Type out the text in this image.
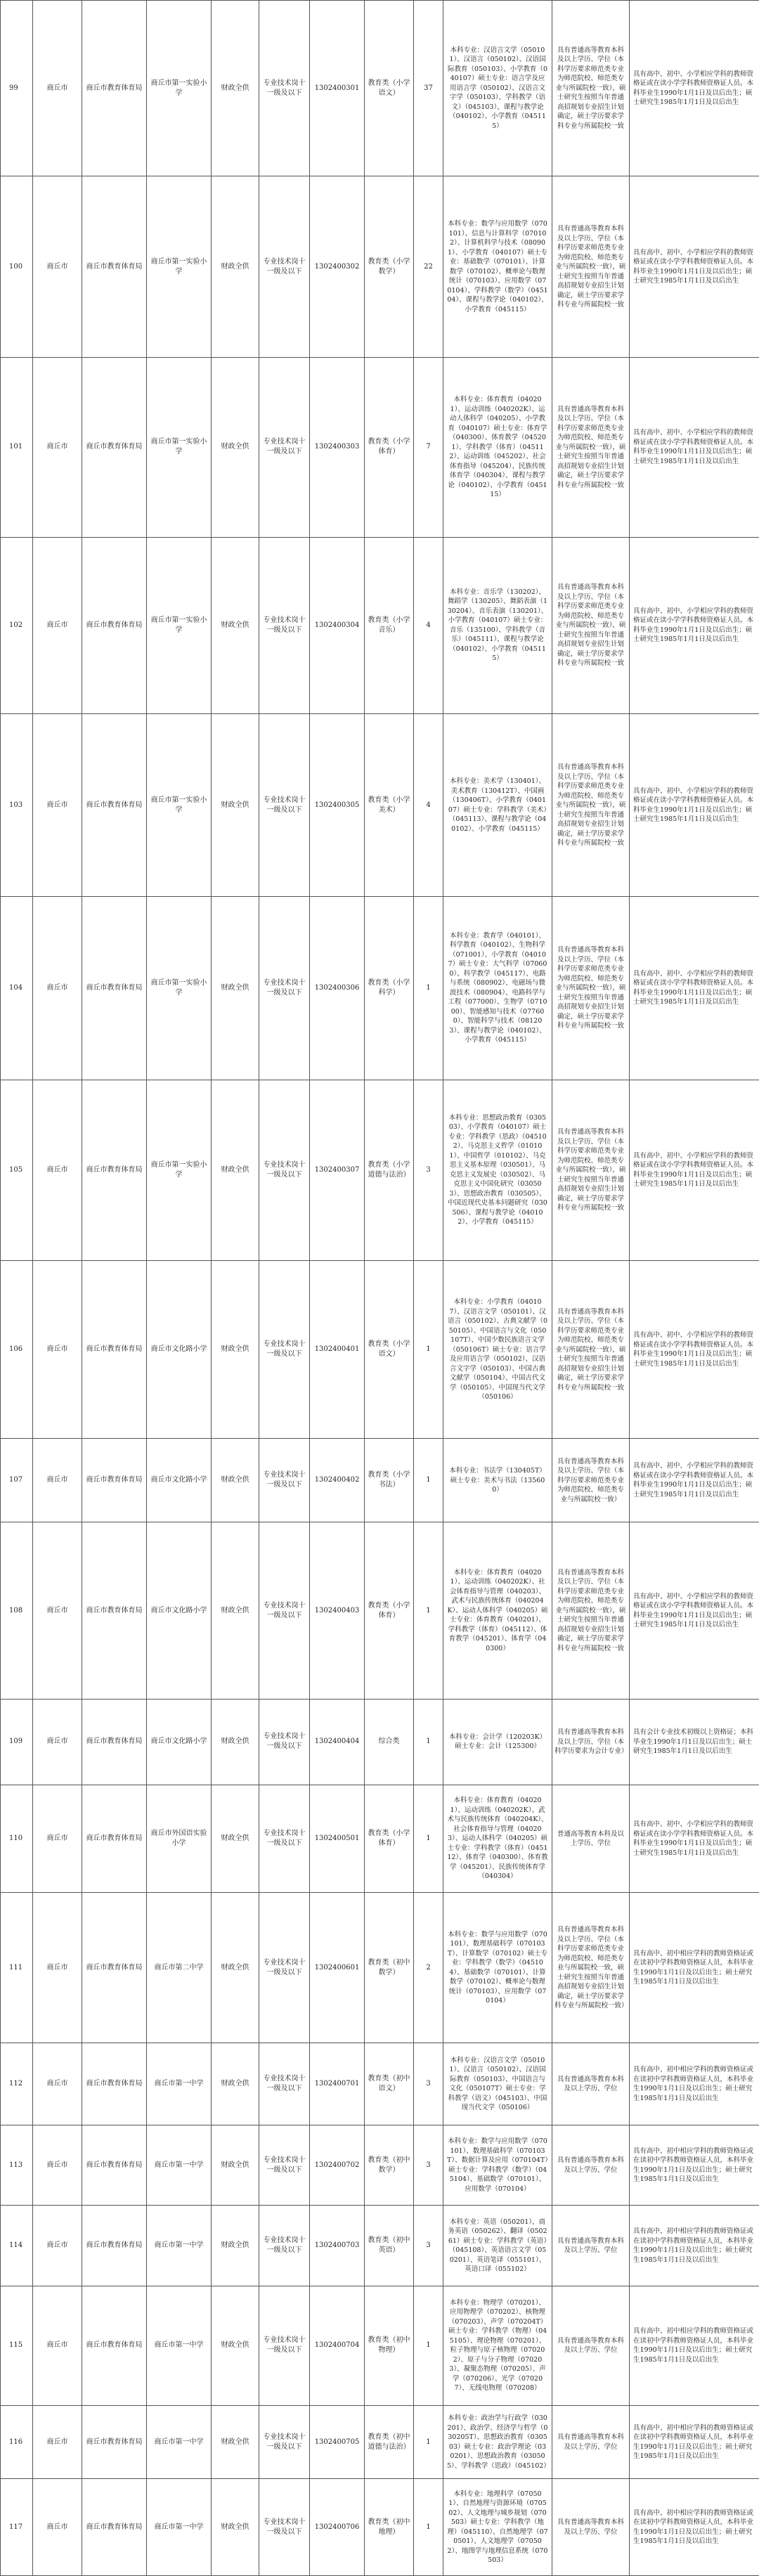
99	商丘市	商丘市教育体育局	商丘市第一实验小学	财政全供	专业技术岗十一级及以下	1302400301	教育类（小学语文）	37	本科专业：汉语言文学（050101）、汉语言（050102）、汉语国际教育（050103）、小学教育（040107）硕士专业：语言学及应用语言学（050102）、汉语言文字学（050103）、学科教学（语文）（045103）、课程与教学论（040102）、小学教育（045115）	具有普通高等教育本科及以上学历、学位（本科学历要求师范类专业为师范院校、师范类专业与所属院校一致），硕士研究生按照当年普通高招规划专业招生计划确定，硕士学历要求学科专业与所属院校一致	具有高中、初中、小学相应学科的教师资格证或在读小学学科教师资格证人员。本科毕业生1990年1月1日及以后出生；硕士研究生1985年1月1日及以后出生
100	商丘市	商丘市教育体育局	商丘市第一实验小学	财政全供	专业技术岗十一级及以下	1302400302	教育类（小学数学）	22	本科专业：数学与应用数学（070101）、信息与计算科学（070102）、计算机科学与技术（080901）、小学教育（040107）硕士专业：基础数学（070101）、计算数学（070102）、概率论与数理统计（070103）、应用数学（070104）、学科教学（数学）（045104）、课程与教学论（040102）、小学教育（045115）	具有普通高等教育本科及以上学历、学位（本科学历要求师范类专业为师范院校、师范类专业与所属院校一致），硕士研究生按照当年普通高招规划专业招生计划确定，硕士学历要求学科专业与所属院校一致	具有高中、初中、小学相应学科的教师资格证或在读小学学科教师资格证人员。本科毕业生1990年1月1日及以后出生；硕士研究生1985年1月1日及以后出生
101	商丘市	商丘市教育体育局	商丘市第一实验小学	财政全供	专业技术岗十一级及以下	1302400303	教育类（小学体育）	7	本科专业：体育教育（040201）、运动训练（040202K）、运动人体科学（040205）、小学教育（040107）硕士专业：体育学（040300）、体育教学（045201）、学科教学（体育）（045112）、运动训练（045202）、社会体育指导（045204）、民族传统体育学（040304）、课程与教学论（040102）、小学教育（045115）	具有普通高等教育本科及以上学历、学位（本科学历要求师范类专业为师范院校、师范类专业与所属院校一致），硕士研究生按照当年普通高招规划专业招生计划确定，硕士学历要求学科专业与所属院校一致	具有高中、初中、小学相应学科的教师资格证或在读小学学科教师资格证人员。本科毕业生1990年1月1日及以后出生；硕士研究生1985年1月1日及以后出生
102	商丘市	商丘市教育体育局	商丘市第一实验小学	财政全供	专业技术岗十一级及以下	1302400304	教育类（小学音乐）	4	本科专业：音乐学（130202）、舞蹈学（130205）、舞蹈表演（130204）、音乐表演（130201）、小学教育（040107）硕士专业：音乐（135100）、学科教学（音乐）（045111）、课程与教学论（040102）、小学教育（045115）	具有普通高等教育本科及以上学历、学位（本科学历要求师范类专业为师范院校、师范类专业与所属院校一致），硕士研究生按照当年普通高招规划专业招生计划确定，硕士学历要求学科专业与所属院校一致	具有高中、初中、小学相应学科的教师资格证或在读小学学科教师资格证人员。本科毕业生1990年1月1日及以后出生；硕士研究生1985年1月1日及以后出生
103	商丘市	商丘市教育体育局	商丘市第一实验小学	财政全供	专业技术岗十一级及以下	1302400305	教育类（小学美术）	4	本科专业：美术学（130401）、美术教育（130412T）、中国画（130406T）、小学教育（040107）硕士专业：学科教学（美术）（045113）、课程与教学论（040102）、小学教育（045115）	具有普通高等教育本科及以上学历、学位（本科学历要求师范类专业为师范院校、师范类专业与所属院校一致），硕士研究生按照当年普通高招规划专业招生计划确定，硕士学历要求学科专业与所属院校一致	具有高中、初中、小学相应学科的教师资格证或在读小学学科教师资格证人员。本科毕业生1990年1月1日及以后出生；硕士研究生1985年1月1日及以后出生
104	商丘市	商丘市教育体育局	商丘市第一实验小学	财政全供	专业技术岗十一级及以下	1302400306	教育类（小学科学）	1	本科专业：教育学（040101）、科学教育（040102）、生物科学（071001）、小学教育（040107）硕士专业：大气科学（070600）、科学教学（045117）、电路与系统（080902）、电磁场与微波技术（080904）、电路科学与工程（077000）、生物学（071000）、智能感知与技术（077600）、智能科学与技术（081203）、课程与教学论（040102）、小学教育（045115）	具有普通高等教育本科及以上学历、学位（本科学历要求师范类专业为师范院校、师范类专业与所属院校一致），硕士研究生按照当年普通高招规划专业招生计划确定，硕士学历要求学科专业与所属院校一致	具有高中、初中、小学相应学科的教师资格证或在读小学学科教师资格证人员。本科毕业生1990年1月1日及以后出生；硕士研究生1985年1月1日及以后出生
105	商丘市	商丘市教育体育局	商丘市第一实验小学	财政全供	专业技术岗十一级及以下	1302400307	教育类（小学道德与法治）	3	本科专业：思想政治教育（030503）、小学教育（040107）硕士专业：学科教学（思政）（045102）、马克思主义哲学（010101）、中国哲学（010102）、马克思主义基本原理（030501）、马克思主义发展史（030502）、马克思主义中国化研究（030503）、思想政治教育（030505）、中国近现代史基本问题研究（030506）、课程与教学论（040102）、小学教育（045115）	具有普通高等教育本科及以上学历、学位（本科学历要求师范类专业为师范院校、师范类专业与所属院校一致），硕士研究生按照当年普通高招规划专业招生计划确定，硕士学历要求学科专业与所属院校一致	具有高中、初中、小学相应学科的教师资格证或在读小学学科教师资格证人员。本科毕业生1990年1月1日及以后出生；硕士研究生1985年1月1日及以后出生
106	商丘市	商丘市教育体育局	商丘市文化路小学	财政全供	专业技术岗十一级及以下	1302400401	教育类（小学语文）	1	本科专业：小学教育（040107）、汉语言文学（050101）、汉语言（050102）、古典文献学（050105）、中国语言与文化（050107T）、中国少数民族语言文学（050106T）硕士专业：语言学及应用语言学（050102）、汉语言文字学（050103）、中国古典文献学（050104）、中国古代文学（050105）、中国现当代文学（050106）	具有普通高等教育本科及以上学历、学位（本科学历要求师范类专业为师范院校、师范类专业与所属院校一致），硕士研究生按照当年普通高招规划专业招生计划确定，硕士学历要求学科专业与所属院校一致	具有高中、初中、小学相应学科的教师资格证或在读小学学科教师资格证人员。本科毕业生1990年1月1日及以后出生；硕士研究生1985年1月1日及以后出生
107	商丘市	商丘市教育体育局	商丘市文化路小学	财政全供	专业技术岗十一级及以下	1302400402	教育类（小学书法）	1	本科专业：书法学（130405T）硕士专业：美术与书法（135600）	具有普通高等教育本科及以上学历、学位（本科学历要求师范类专业为师范院校、师范类专业与所属院校一致）	具有高中、初中、小学相应学科的教师资格证或在读小学学科教师资格证人员。本科毕业生1990年1月1日及以后出生；硕士研究生1985年1月1日及以后出生
108	商丘市	商丘市教育体育局	商丘市文化路小学	财政全供	专业技术岗十一级及以下	1302400403	教育类（小学体育）	1	本科专业：体育教育（040201）、运动训练（040202K）、社会体育指导与管理（040203）、武术与民族传统体育（040204K）、运动人体科学（040205）硕士专业：体育教育（040201）、学科教学（体育）（045112）、体育教学（045201）、体育学（040300）	具有普通高等教育本科及以上学历、学位（本科学历要求师范类专业为师范院校、师范类专业与所属院校一致），硕士研究生按照当年普通高招规划专业招生计划确定，硕士学历要求学科专业与所属院校一致	具有高中、初中、小学相应学科的教师资格证或在读小学学科教师资格证人员。本科毕业生1990年1月1日及以后出生；硕士研究生1985年1月1日及以后出生
109	商丘市	商丘市教育体育局	商丘市文化路小学	财政全供	专业技术岗十一级及以下	1302400404	综合类	1	本科专业：会计学（120203K）硕士专业：会计（125300）	具有普通高等教育本科及以上学历、学位（本科学历要求为会计专业）	具有会计专业技术初级以上资格证；本科毕业生1990年1月1日及以后出生；硕士研究生1985年1月1日及以后出生
110	商丘市	商丘市教育体育局	商丘市外国语实验小学	财政全供	专业技术岗十一级及以下	1302400501	教育类（小学体育）	1	本科专业：体育教育（040201）、运动训练（040202K）、武术与民族传统体育（040204K）、社会体育指导与管理（040203）、运动人体科学（040205）硕士专业：学科教学（体育）（045112）、体育学（040300）、体育教学（045201）、民族传统体育学（040304）	普通高等教育本科及以上学历、学位	具有高中、初中、小学相应学科的教师资格证或在读小学学科教师资格证人员。本科毕业生1990年1月1日及以后出生；硕士研究生1985年1月1日及以后出生
111	商丘市	商丘市教育体育局	商丘市第二中学	财政全供	专业技术岗十一级及以下	1302400601	教育类（初中数学）	2	本科专业：数学与应用数学（070101）、数理基础科学（070103T）、计算数学（070102）硕士专业：学科教学（数学）（045104）、基础数学（070101）、计算数学（070102）、概率论与数理统计（070103）、应用数学（070104）	具有普通高等教育本科及以上学历、学位（本科学历要求师范类专业为师范院校、师范类专业与所属院校一致，硕士研究生按照当年普通高招规划专业招生计划确定，硕士学历要求学科专业与所属院校一致）	具有高中、初中相应学科的教师资格证或在读初中学科教师资格证人员，本科毕业生1990年1月1日及以后出生；硕士研究生1985年1月1日及以后出生
112	商丘市	商丘市教育体育局	商丘市第一中学	财政全供	专业技术岗十一级及以下	1302400701	教育类（初中语文）	3	本科专业：汉语言文学（050101）、汉语言（050102）、汉语国际教育（050103）、中国语言与文化（050107T）硕士专业：学科教学（语文）（045103）、中国现当代文学（050106）	具有普通高等教育本科及以上学历、学位	具有高中、初中相应学科的教师资格证或在读初中学科教师资格证人员，本科毕业生1990年1月1日及以后出生；硕士研究生1985年1月1日及以后出生
113	商丘市	商丘市教育体育局	商丘市第一中学	财政全供	专业技术岗十一级及以下	1302400702	教育类（初中数学）	3	本科专业：数学与应用数学（070101）、数理基础科学（070103T）、数据计算及应用（070104T）硕士专业：学科教学（数学）（045104）、基础数学（070101）、应用数学（070104）	具有普通高等教育本科及以上学历、学位	具有高中、初中相应学科的教师资格证或在读初中学科教师资格证人员，本科毕业生1990年1月1日及以后出生；硕士研究生1985年1月1日及以后出生
114	商丘市	商丘市教育体育局	商丘市第一中学	财政全供	专业技术岗十一级及以下	1302400703	教育类（初中英语）	3	本科专业：英语（050201）、商务英语（050262）、翻译（050261）硕士专业：学科教学（英语）（045108）、英语语言文学（050201）、英语笔译（055101）、英语口译（055102）	具有普通高等教育本科及以上学历、学位	具有高中、初中相应学科的教师资格证或在读初中学科教师资格证人员，本科毕业生1990年1月1日及以后出生；硕士研究生1985年1月1日及以后出生
115	商丘市	商丘市教育体育局	商丘市第一中学	财政全供	专业技术岗十一级及以下	1302400704	教育类（初中物理）	1	本科专业：物理学（070201）、应用物理学（070202）、核物理（070203）、声学（070204T）硕士专业：学科教学（物理）（045105）、理论物理（070201）、粒子物理与原子核物理（070202）、原子与分子物理（070203）、凝聚态物理（070205）、声学（070206）、光学（070207）、无线电物理（070208）	具有普通高等教育本科及以上学历、学位	具有高中、初中相应学科的教师资格证或在读初中学科教师资格证人员，本科毕业生1990年1月1日及以后出生；硕士研究生1985年1月1日及以后出生
116	商丘市	商丘市教育体育局	商丘市第一中学	财政全供	专业技术岗十一级及以下	1302400705	教育类（初中道德与法治）	1	本科专业：政治学与行政学（030201）、政治学、经济学与哲学（030205T）、思想政治教育（030503）硕士专业：政治学理论（030201）、思想政治教育（030505）、学科教学（思政）（045102）	具有普通高等教育本科及以上学历、学位	具有高中、初中相应学科的教师资格证或在读初中学科教师资格证人员，本科毕业生1990年1月1日及以后出生；硕士研究生1985年1月1日及以后出生
117	商丘市	商丘市教育体育局	商丘市第一中学	财政全供	专业技术岗十一级及以下	1302400706	教育类（初中地理）	1	本科专业：地理科学（070501）、自然地理与资源环境（070502）、人文地理与城乡规划（070503）硕士专业：学科教学（地理）（045110）、自然地理学（070501）、人文地理学（070502）、地图学与地理信息系统（070503）	具有普通高等教育本科及以上学历、学位	具有高中、初中相应学科的教师资格证或在读初中学科教师资格证人员，本科毕业生1990年1月1日及以后出生；硕士研究生1985年1月1日及以后出生
